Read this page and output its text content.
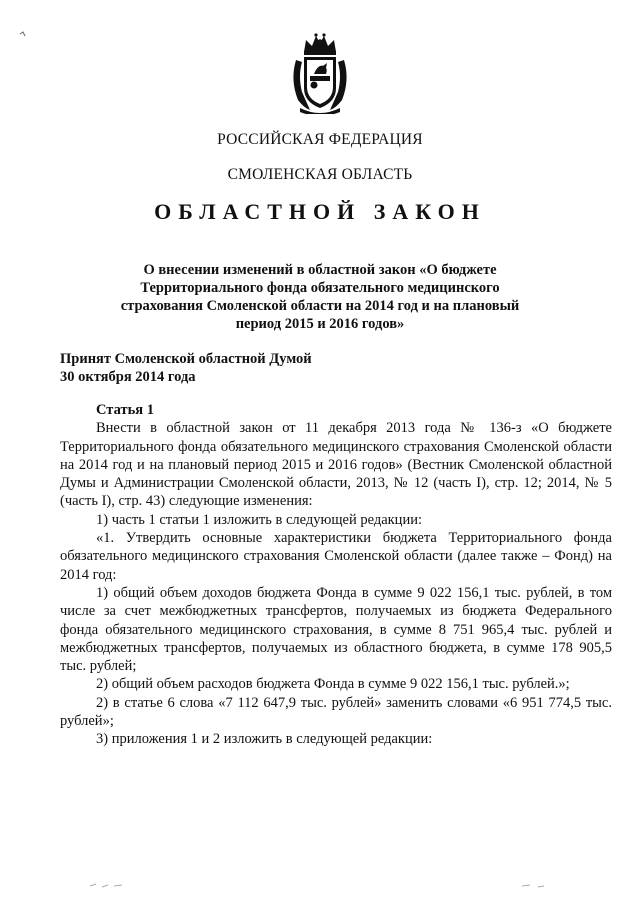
РОССИЙСКАЯ ФЕДЕРАЦИЯ
СМОЛЕНСКАЯ ОБЛАСТЬ
ОБЛАСТНОЙ ЗАКОН
О внесении изменений в областной закон «О бюджете Территориального фонда обязательного медицинского страхования Смоленской области на 2014 год и на плановый период 2015 и 2016 годов»
Принят Смоленской областной Думой
30 октября 2014 года

Статья 1

Внести в областной закон от 11 декабря 2013 года № 136-з «О бюджете Территориального фонда обязательного медицинского страхования Смоленской области на 2014 год и на плановый период 2015 и 2016 годов» (Вестник Смоленской областной Думы и Администрации Смоленской области, 2013, № 12 (часть I), стр. 12; 2014, № 5 (часть I), стр. 43) следующие изменения:

1) часть 1 статьи 1 изложить в следующей редакции:

«1. Утвердить основные характеристики бюджета Территориального фонда обязательного медицинского страхования Смоленской области (далее также – Фонд) на 2014 год:

1) общий объем доходов бюджета Фонда в сумме 9 022 156,1 тыс. рублей, в том числе за счет межбюджетных трансфертов, получаемых из бюджета Федерального фонда обязательного медицинского страхования, в сумме 8 751 965,4 тыс. рублей и межбюджетных трансфертов, получаемых из областного бюджета, в сумме 178 905,5 тыс. рублей;

2) общий объем расходов бюджета Фонда в сумме 9 022 156,1 тыс. рублей.»;

2) в статье 6 слова «7 112 647,9 тыс. рублей» заменить словами «6 951 774,5 тыс. рублей»;

3) приложения 1 и 2 изложить в следующей редакции:
